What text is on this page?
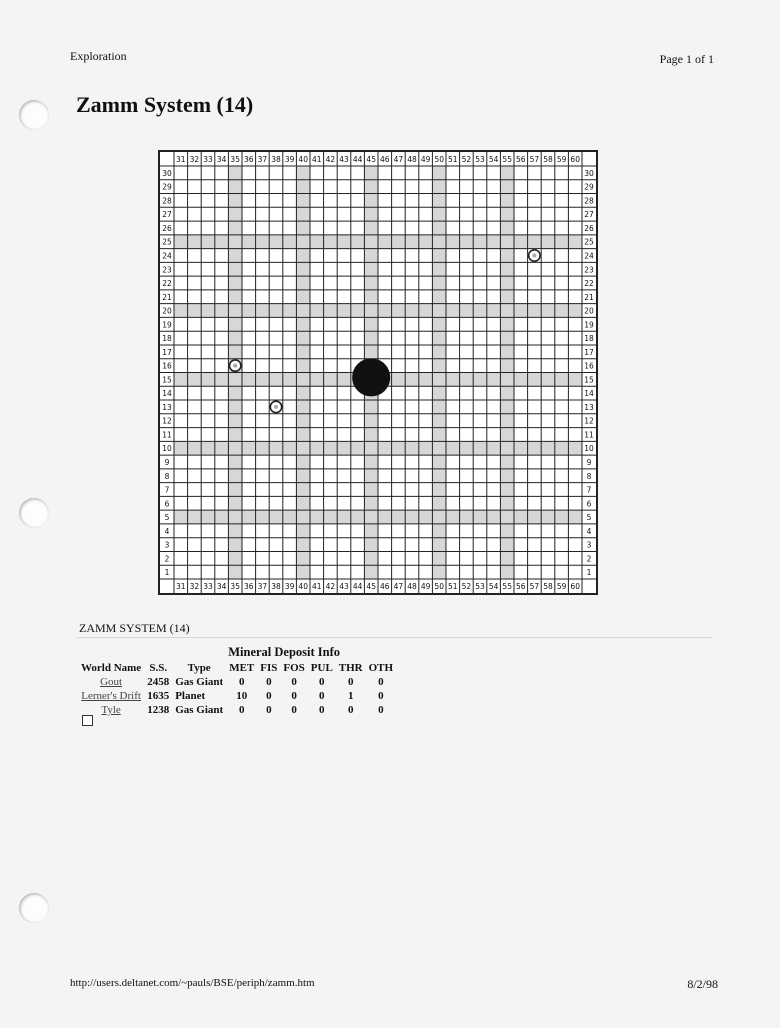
Exploration	Page 1 of 1
Zamm System (14)
31
31
32
32
33
33
34
34
35
35
36
36
37
37
38
38
39
39
40
40
41
41
42
42
43
43
44
44
45
45
46
46
47
47
48
48
49
49
50
50
51
51
52
52
53
53
54
54
55
55
56
56
57
57
58
58
59
59
60
60
1	1
2	2
3	3
4	4
5	5
6	6
7	7
8	8
9	9
10	10
11	11
12	12
13	13
14	14
15	15
16	16
17	17
18	18
19	19
20	20
21	21
22	22
23	23
24	24
25	25
26	26
27	27
28	28
29	29
30	30
ZAMM SYSTEM (14)
		Mineral Deposit Info						
World Name	S.S.	Type	MET	FIS	FOS	PUL	THR	OTH
Gout	2458	Gas Giant	0	0	0	0	0	0
Lerner's Drift	1635	Planet	10	0	0	0	1	0
Tyle	1238	Gas Giant	0	0	0	0	0	0
http://users.deltanet.com/~pauls/BSE/periph/zamm.htm	8/2/98
